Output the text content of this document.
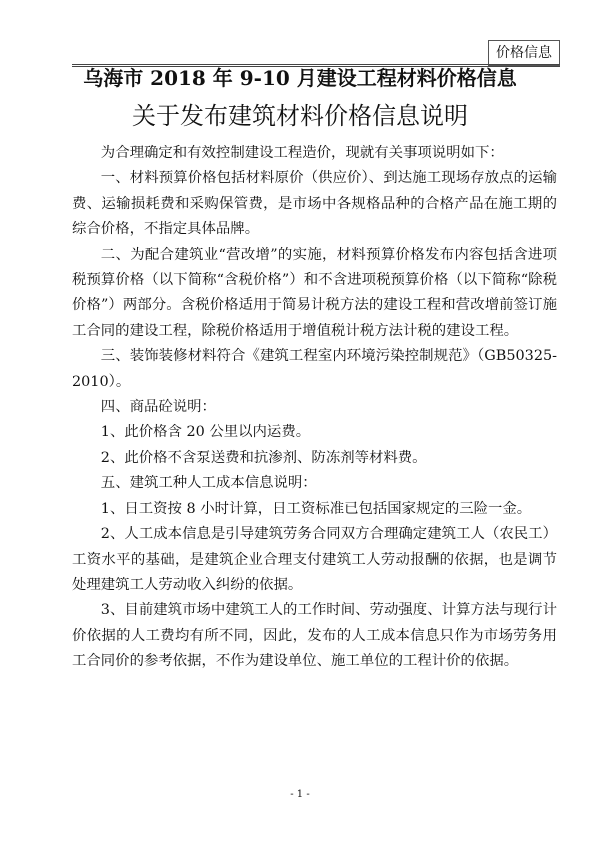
价格信息
乌海市 2018 年 9-10 月建设工程材料价格信息
关于发布建筑材料价格信息说明

为合理确定和有效控制建设工程造价，现就有关事项说明如下：

一、材料预算价格包括材料原价（供应价）、到达施工现场存放点的运输费、运输损耗费和采购保管费，是市场中各规格品种的合格产品在施工期的综合价格，不指定具体品牌。

二、为配合建筑业“营改增”的实施，材料预算价格发布内容包括含进项税预算价格（以下简称“含税价格”）和不含进项税预算价格（以下简称“除税价格”）两部分。含税价格适用于简易计税方法的建设工程和营改增前签订施工合同的建设工程，除税价格适用于增值税计税方法计税的建设工程。

三、装饰装修材料符合《建筑工程室内环境污染控制规范》（GB50325-2010）。

四、商品砼说明：

1、此价格含 20 公里以内运费。

2、此价格不含泵送费和抗渗剂、防冻剂等材料费。

五、建筑工种人工成本信息说明：

1、日工资按 8 小时计算，日工资标准已包括国家规定的三险一金。

2、人工成本信息是引导建筑劳务合同双方合理确定建筑工人（农民工）工资水平的基础，是建筑企业合理支付建筑工人劳动报酬的依据，也是调节处理建筑工人劳动收入纠纷的依据。

3、目前建筑市场中建筑工人的工作时间、劳动强度、计算方法与现行计价依据的人工费均有所不同，因此，发布的人工成本信息只作为市场劳务用工合同价的参考依据，不作为建设单位、施工单位的工程计价的依据。

- 1 -
